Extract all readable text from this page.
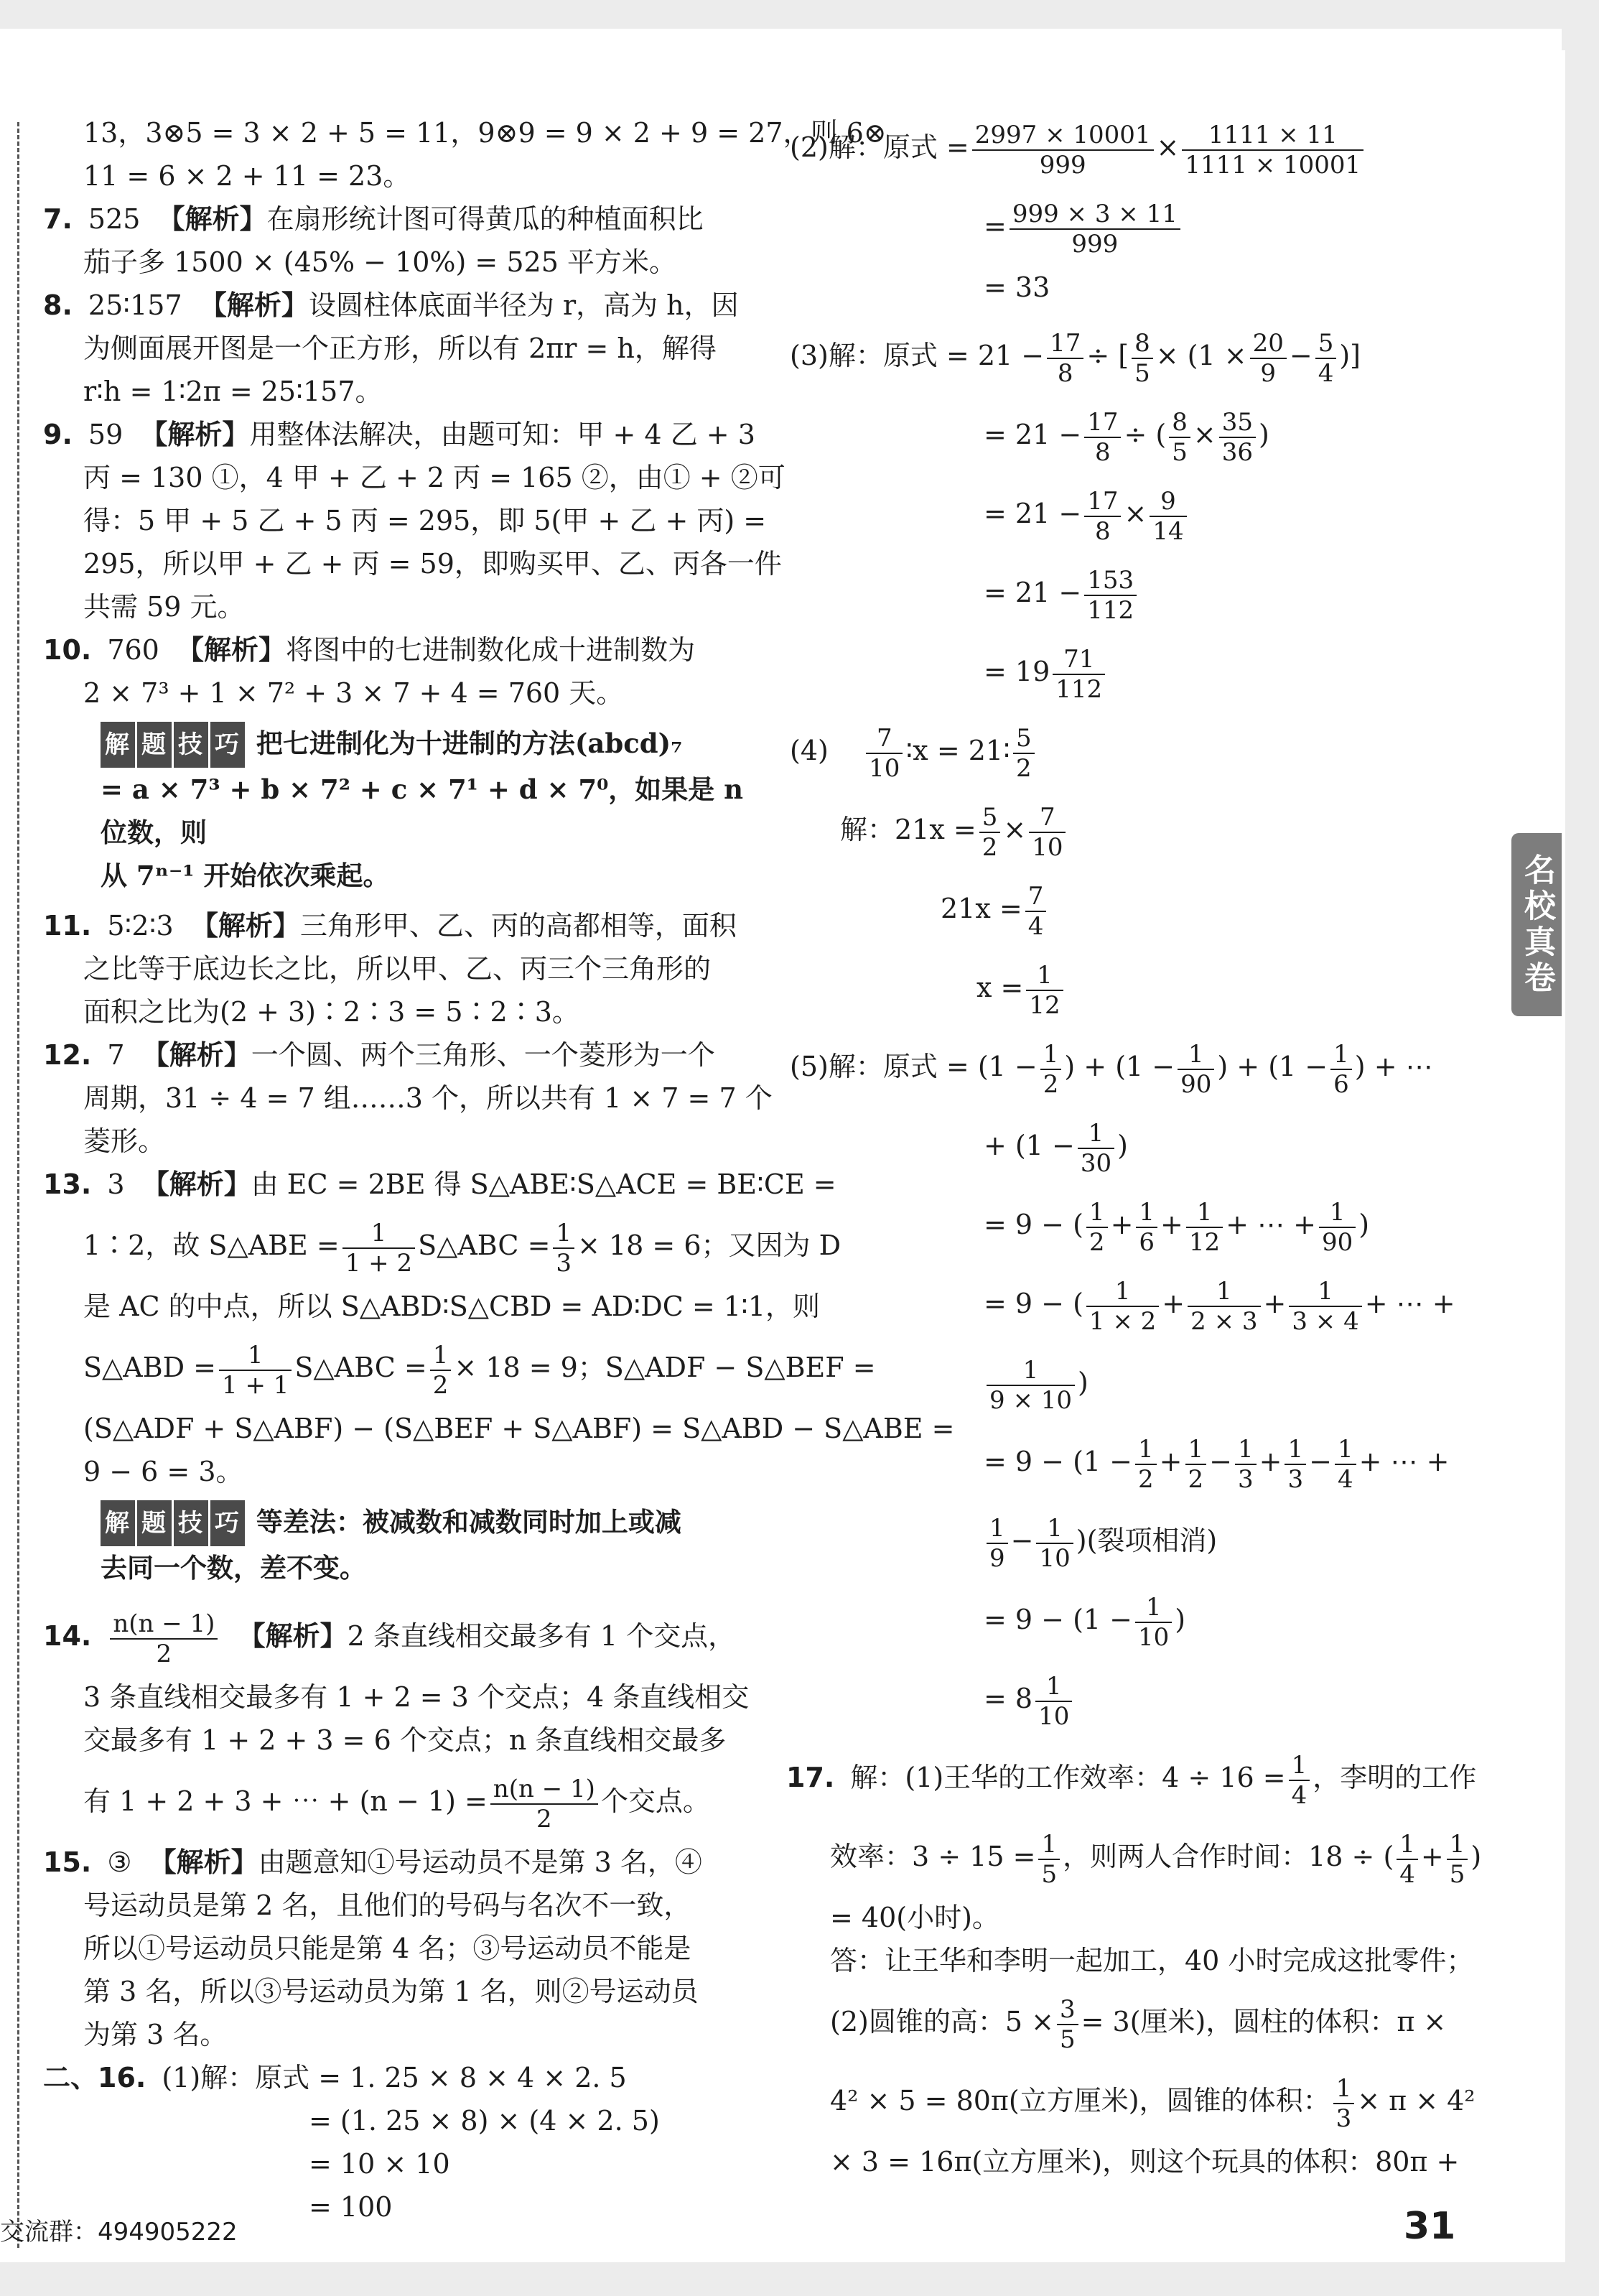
13，3⊗5 = 3 × 2 + 5 = 11，9⊗9 = 9 × 2 + 9 = 27，则 6⊗
11 = 6 × 2 + 11 = 23。
7. 525 【解析】在扇形统计图可得黄瓜的种植面积比
茄子多 1500 × (45% − 10%) = 525 平方米。
8. 25∶157 【解析】设圆柱体底面半径为 r，高为 h，因
为侧面展开图是一个正方形，所以有 2πr = h，解得
r∶h = 1∶2π = 25∶157。
9. 59 【解析】用整体法解决，由题可知：甲 + 4 乙 + 3
丙 = 130 ①，4 甲 + 乙 + 2 丙 = 165 ②，由① + ②可
得：5 甲 + 5 乙 + 5 丙 = 295，即 5(甲 + 乙 + 丙) =
295，所以甲 + 乙 + 丙 = 59，即购买甲、乙、丙各一件
共需 59 元。
10. 760 【解析】将图中的七进制数化成十进制数为
2 × 7³ + 1 × 7² + 3 × 7 + 4 = 760 天。
解 题 技 巧 把七进制化为十进制的方法(abcd)₇
= a × 7³ + b × 7² + c × 7¹ + d × 7⁰，如果是 n 位数，则
从 7ⁿ⁻¹ 开始依次乘起。
11. 5∶2∶3 【解析】三角形甲、乙、丙的高都相等，面积
之比等于底边长之比，所以甲、乙、丙三个三角形的
面积之比为(2 + 3)∶2∶3 = 5∶2∶3。
12. 7 【解析】一个圆、两个三角形、一个菱形为一个
周期，31 ÷ 4 = 7 组……3 个，所以共有 1 × 7 = 7 个
菱形。
13. 3 【解析】由 EC = 2BE 得 S△ABE∶S△ACE = BE∶CE =
1∶2，故 S△ABE = $\frac{1}{1 + 2}$ S△ABC = $\frac{1}{3} \times 18 = 6$；又因为 D
是 AC 的中点，所以 S△ABD∶S△CBD = AD∶DC = 1∶1，则
S△ABD = $\frac{1}{1 + 1}$ S△ABC = $\frac{1}{2} \times 18 = 9$；S△ADF − S△BEF =
(S△ADF + S△ABF) − (S△BEF + S△ABF) = S△ABD − S△ABE =
9 − 6 = 3。
解 题 技 巧 等差法：被减数和减数同时加上或减
去同一个数，差不变。
14. $\frac{n(n - 1)}{2}$ 【解析】2 条直线相交最多有 1 个交点，
3 条直线相交最多有 1 + 2 = 3 个交点；4 条直线相交
交最多有 1 + 2 + 3 = 6 个交点；n 条直线相交最多
有 1 + 2 + 3 + ⋯ + $(n - 1) = \frac{n(n - 1)}{2}$ 个交点。
15. ③ 【解析】由题意知①号运动员不是第 3 名，④
号运动员是第 2 名，且他们的号码与名次不一致，
所以①号运动员只能是第 4 名；③号运动员不能是
第 3 名，所以③号运动员为第 1 名，则②号运动员
为第 3 名。
二、16. (1)解：原式 = 1. 25 × 8 × 4 × 2. 5
= (1. 25 × 8) × (4 × 2. 5)
= 10 × 10
= 100
(2)解：原式 = $\frac{2997 \times 10001}{999} \times \frac{1111 \times 11}{1111 \times 10001}$
= $\frac{999 \times 3 \times 11}{999}$
= 33
(3)解：原式 = $21 - \frac{17}{8}$ ÷ [ $\frac{8}{5} \times (1 \times \frac{20}{9} - \frac{5}{4}$ )]
= $21 - \frac{17}{8}$ ÷ ( $\frac{8}{5} \times \frac{35}{36}$ )
= $21 - \frac{17}{8} \times \frac{9}{14}$
= $21 - \frac{153}{112}$
= $19 \frac{71}{112}$
$(4) \frac{7}{10}$ ∶x = 21∶ $\frac{5}{2}$
解：$21x = \frac{5}{2} \times \frac{7}{10}$
$21x = \frac{7}{4}$
$x = \frac{1}{12}$
(5)解：原式 = ($1 - \frac{1}{2}$ ) + ($1 - \frac{1}{90}$ ) + ($1 - \frac{1}{6}$ ) + ⋯
+ ($1 - \frac{1}{30}$ )
= 9 − ( $\frac{1}{2} + \frac{1}{6} + \frac{1}{12}$ + ⋯ + $\frac{1}{90}$ )
= 9 − ( $\frac{1}{1 \times 2} + \frac{1}{2 \times 3} + \frac{1}{3 \times 4}$ + ⋯ +
$\frac{1}{9 \times 10}$ )
= $9 - (1 - \frac{1}{2} + \frac{1}{2} - \frac{1}{3} + \frac{1}{3} - \frac{1}{4}$ + ⋯ +
$\frac{1}{9} - \frac{1}{10}$ )(裂项相消)
= $9 - (1 - \frac{1}{10}$ )
= $8 \frac{1}{10}$
17. 解：(1)王华的工作效率：$4 \div 16 = \frac{1}{4}$ ，李明的工作
效率：$3 \div 15 = \frac{1}{5}$ ，则两人合作时间：18 ÷ ( $\frac{1}{4} + \frac{1}{5}$ )
= 40(小时)。
答：让王华和李明一起加工，40 小时完成这批零件；
(2)圆锥的高：$5 \times \frac{3}{5} = 3$(厘米)，圆柱的体积：π ×
4² × 5 = 80π(立方厘米)，圆锥的体积： $\frac{1}{3} \times \pi \times 4^2$
× 3 = 16π(立方厘米)，则这个玩具的体积：80π +
名校真卷
31
交流群：494905222
